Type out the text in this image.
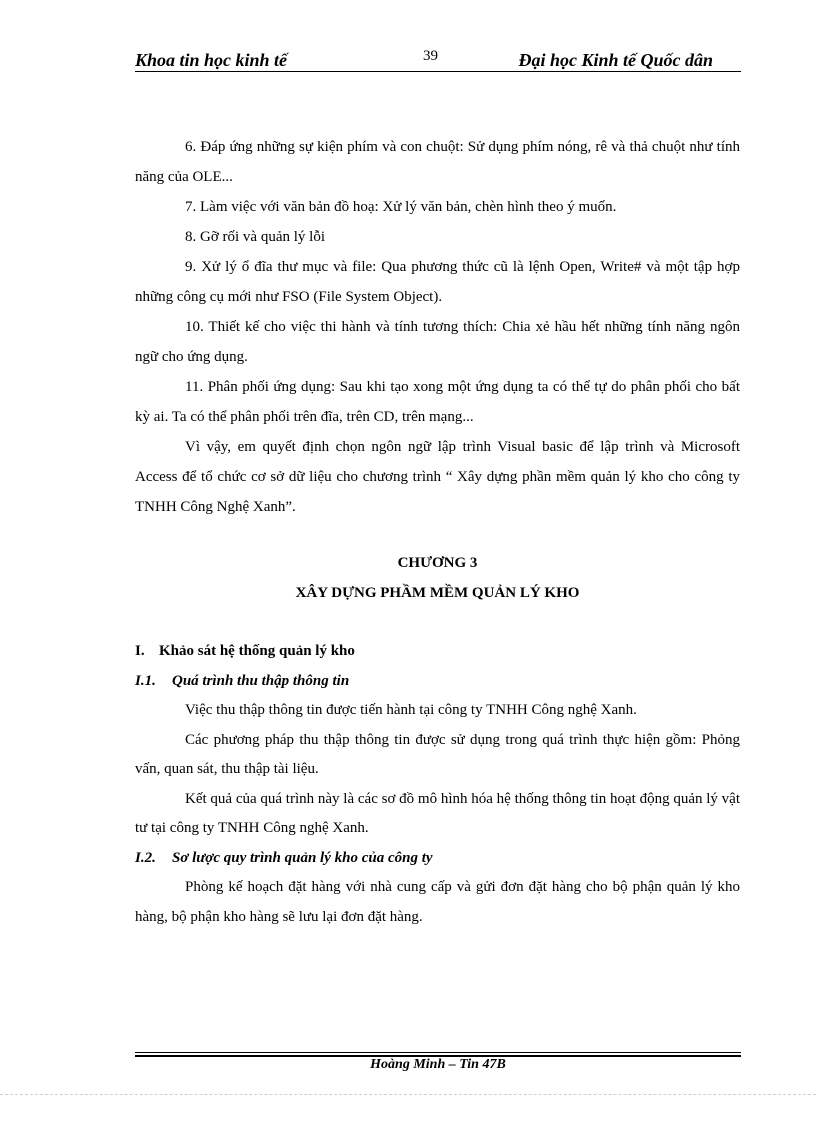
Khoa tin học kinh tế	39	Đại học Kinh tế Quốc dân

6. Đáp ứng những sự kiện phím và con chuột: Sử dụng phím nóng, rê và thả chuột như tính năng của OLE...

7. Làm việc với văn bản đồ hoạ: Xử lý văn bản, chèn hình theo ý muốn.

8. Gỡ rối và quản lý lỗi

9. Xử lý ổ đĩa thư mục và file: Qua phương thức cũ là lệnh Open, Write# và một tập hợp những công cụ mới như FSO (File System Object).

10. Thiết kế cho việc thi hành và tính tương thích: Chia xẻ hầu hết những tính năng ngôn ngữ cho ứng dụng.

11. Phân phối ứng dụng: Sau khi tạo xong một ứng dụng ta có thể tự do phân phối cho bất kỳ ai. Ta có thể phân phối trên đĩa, trên CD, trên mạng...

Vì vậy, em quyết định chọn ngôn ngữ lập trình Visual basic để lập trình và Microsoft Access để tổ chức cơ sở dữ liệu cho chương trình “ Xây dựng phần mềm quản lý kho cho công ty TNHH Công Nghệ Xanh”.

CHƯƠNG 3
XÂY DỰNG PHẦM MỀM QUẢN LÝ KHO
I. Khảo sát hệ thống quản lý kho
I.1. Quá trình thu thập thông tin

Việc thu thập thông tin được tiến hành tại công ty TNHH Công nghệ Xanh.

Các phương pháp thu thập thông tin được sử dụng trong quá trình thực hiện gồm: Phỏng vấn, quan sát, thu thập tài liệu.

Kết quả của quá trình này là các sơ đồ mô hình hóa hệ thống thông tin hoạt động quản lý vật tư tại công ty TNHH Công nghệ Xanh.

I.2. Sơ lược quy trình quản lý kho của công ty

Phòng kế hoạch đặt hàng với nhà cung cấp và gửi đơn đặt hàng cho bộ phận quản lý kho hàng, bộ phận kho hàng sẽ lưu lại đơn đặt hàng.

Hoàng Minh – Tin 47B
